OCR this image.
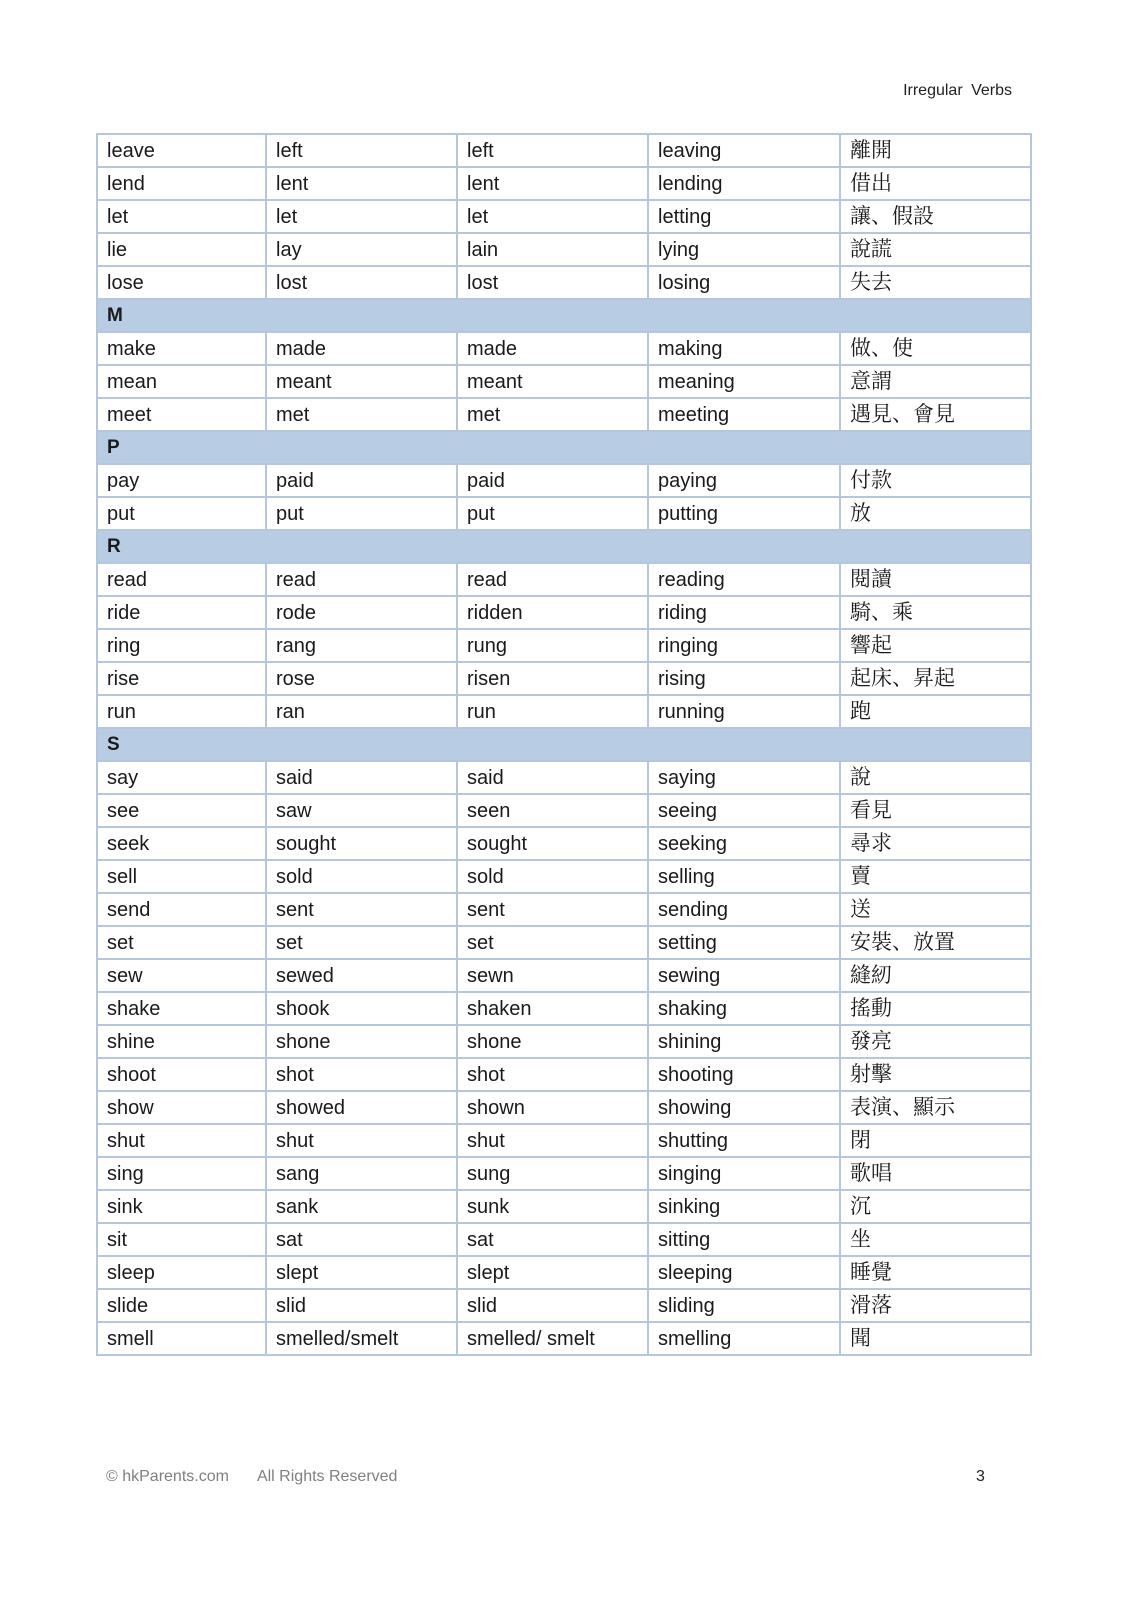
Irregular Verbs
leave	left	left	leaving	離開
lend	lent	lent	lending	借出
let	let	let	letting	讓、假設
lie	lay	lain	lying	說謊
lose	lost	lost	losing	失去
M				
make	made	made	making	做、使
mean	meant	meant	meaning	意謂
meet	met	met	meeting	遇見、會見
P				
pay	paid	paid	paying	付款
put	put	put	putting	放
R				
read	read	read	reading	閱讀
ride	rode	ridden	riding	騎、乘
ring	rang	rung	ringing	響起
rise	rose	risen	rising	起床、昇起
run	ran	run	running	跑
S				
say	said	said	saying	說
see	saw	seen	seeing	看見
seek	sought	sought	seeking	尋求
sell	sold	sold	selling	賣
send	sent	sent	sending	送
set	set	set	setting	安裝、放置
sew	sewed	sewn	sewing	縫紉
shake	shook	shaken	shaking	搖動
shine	shone	shone	shining	發亮
shoot	shot	shot	shooting	射擊
show	showed	shown	showing	表演、顯示
shut	shut	shut	shutting	閉
sing	sang	sung	singing	歌唱
sink	sank	sunk	sinking	沉
sit	sat	sat	sitting	坐
sleep	slept	slept	sleeping	睡覺
slide	slid	slid	sliding	滑落
smell	smelled/smelt	smelled/ smelt	smelling	聞
© hkParents.com All Rights Reserved	3
